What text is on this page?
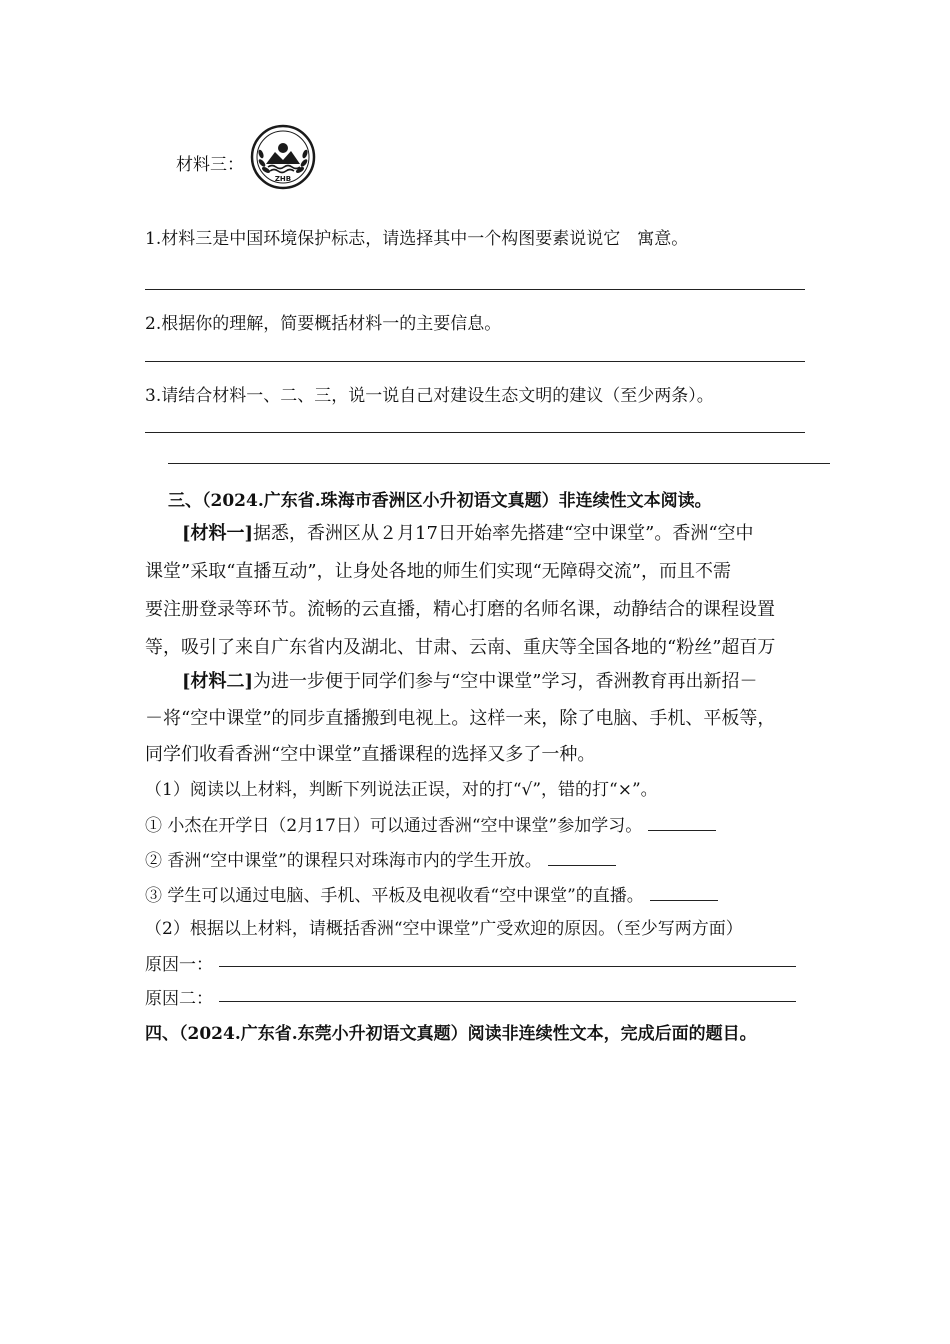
材料三：
ZHB
1.材料三是中国环境保护标志，请选择其中一个构图要素说说它　寓意。
2.根据你的理解，简要概括材料一的主要信息。
3.请结合材料一、二、三，说一说自己对建设生态文明的建议（至少两条）。
三、（2024.广东省.珠海市香洲区小升初语文真题）非连续性文本阅读。
[材料一]据悉，香洲区从２月17日开始率先搭建“空中课堂”。香洲“空中
课堂”采取“直播互动”，让身处各地的师生们实现“无障碍交流”，而且不需
要注册登录等环节。流畅的云直播，精心打磨的名师名课，动静结合的课程设置
等，吸引了来自广东省内及湖北、甘肃、云南、重庆等全国各地的“粉丝”超百万
[材料二]为进一步便于同学们参与“空中课堂”学习，香洲教育再出新招－
－将“空中课堂”的同步直播搬到电视上。这样一来，除了电脑、手机、平板等，
同学们收看香洲“空中课堂”直播课程的选择又多了一种。
（1）阅读以上材料，判断下列说法正误，对的打“√”，错的打“×”。
① 小杰在开学日（2月17日）可以通过香洲“空中课堂”参加学习。
② 香洲“空中课堂”的课程只对珠海市内的学生开放。
③ 学生可以通过电脑、手机、平板及电视收看“空中课堂”的直播。
（2）根据以上材料，请概括香洲“空中课堂”广受欢迎的原因。（至少写两方面）
原因一：
原因二：
四、（2024.广东省.东莞小升初语文真题）阅读非连续性文本，完成后面的题目。
